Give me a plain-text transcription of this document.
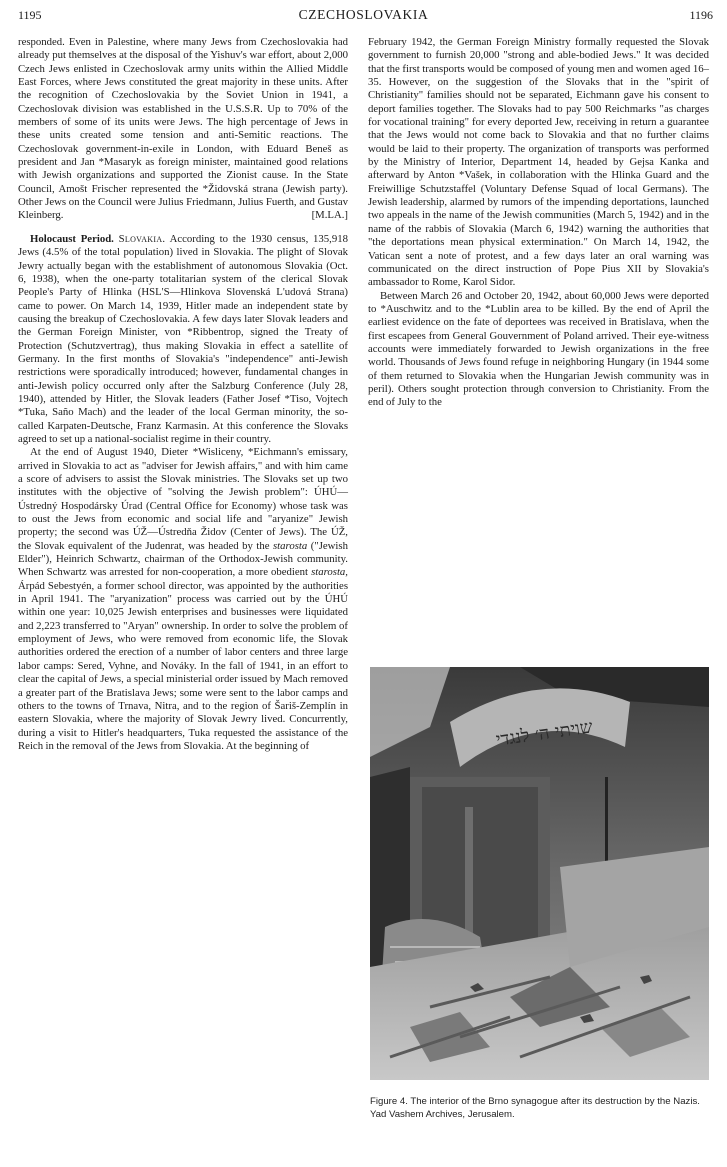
1195	CZECHOSLOVAKIA	1196

responded. Even in Palestine, where many Jews from Czechoslovakia had already put themselves at the disposal of the Yishuv's war effort, about 2,000 Czech Jews enlisted in Czechoslovak army units within the Allied Middle East Forces, where Jews constituted the great majority in these units. After the recognition of Czechoslovakia by the Soviet Union in 1941, a Czechoslovak division was established in the U.S.S.R. Up to 70% of the members of some of its units were Jews. The high percentage of Jews in these units created some tension and anti-Semitic reactions. The Czechoslovak government-in-exile in London, with Eduard Beneš as president and Jan *Masaryk as foreign minister, maintained good relations with Jewish organizations and supported the Zionist cause. In the State Council, Amošt Frischer represented the *Židovská strana (Jewish party). Other Jews on the Council were Julius Friedmann, Julius Fuerth, and Gustav Kleinberg.	[M.LA.]

Holocaust Period. Slovakia. According to the 1930 census, 135,918 Jews (4.5% of the total population) lived in Slovakia. The plight of Slovak Jewry actually began with the establishment of autonomous Slovakia (Oct. 6, 1938), when the one-party totalitarian system of the clerical Slovak People's Party of Hlinka (HSL'S—Hlinkova Slovenská L'udová Strana) came to power. On March 14, 1939, Hitler made an independent state by causing the breakup of Czechoslovakia. A few days later Slovak leaders and the German Foreign Minister, von *Ribbentrop, signed the Treaty of Protection (Schutzvertrag), thus making Slovakia in effect a satellite of Germany. In the first months of Slovakia's "independence" anti-Jewish restrictions were sporadically introduced; however, fundamental changes in anti-Jewish policy occurred only after the Salzburg Conference (July 28, 1940), attended by Hitler, the Slovak leaders (Father Josef *Tiso, Vojtech *Tuka, Saño Mach) and the leader of the local German minority, the so-called Karpaten-Deutsche, Franz Karmasin. At this conference the Slovaks agreed to set up a national-socialist regime in their country.

At the end of August 1940, Dieter *Wisliceny, *Eichmann's emissary, arrived in Slovakia to act as "adviser for Jewish affairs," and with him came a score of advisers to assist the Slovak ministries. The Slovaks set up two institutes with the objective of "solving the Jewish problem": ÚHÚ—Ústredný Hospodársky Úrad (Central Office for Economy) whose task was to oust the Jews from economic and social life and "aryanize" Jewish property; the second was ÚŽ—Ústredňa Židov (Center of Jews). The ÚŽ, the Slovak equivalent of the Judenrat, was headed by the starosta ("Jewish Elder"), Heinrich Schwartz, chairman of the Orthodox-Jewish community. When Schwartz was arrested for non-cooperation, a more obedient starosta, Árpád Sebestyén, a former school director, was appointed by the authorities in April 1941. The "aryanization" process was carried out by the ÚHÚ within one year: 10,025 Jewish enterprises and businesses were liquidated and 2,223 transferred to "Aryan" ownership. In order to solve the problem of employment of Jews, who were removed from economic life, the Slovak authorities ordered the erection of a number of labor centers and three large labor camps: Sered, Vyhne, and Nováky. In the fall of 1941, in an effort to clear the capital of Jews, a special ministerial order issued by Mach removed a greater part of the Bratislava Jews; some were sent to the labor camps and others to the towns of Trnava, Nitra, and to the region of Šariš-Zemplín in eastern Slovakia, where the majority of Slovak Jewry lived. Concurrently, during a visit to Hitler's headquarters, Tuka requested the assistance of the Reich in the removal of the Jews from Slovakia. At the beginning of

February 1942, the German Foreign Ministry formally requested the Slovak government to furnish 20,000 "strong and able-bodied Jews." It was decided that the first transports would be composed of young men and women aged 16–35. However, on the suggestion of the Slovaks that in the "spirit of Christianity" families should not be separated, Eichmann gave his consent to deport families together. The Slovaks had to pay 500 Reichmarks "as charges for vocational training" for every deported Jew, receiving in return a guarantee that the Jews would not come back to Slovakia and that no further claims would be laid to their property. The organization of transports was performed by the Ministry of Interior, Department 14, headed by Gejsa Kanka and afterward by Anton *Vašek, in collaboration with the Hlinka Guard and the Freiwillige Schutzstaffel (Voluntary Defense Squad of local Germans). The Jewish leadership, alarmed by rumors of the impending deportations, launched two appeals in the name of the Jewish communities (March 5, 1942) and in the name of the rabbis of Slovakia (March 6, 1942) warning the authorities that "the deportations mean physical extermination." On March 14, 1942, the Vatican sent a note of protest, and a few days later an oral warning was communicated on the direct instruction of Pope Pius XII by Slovakia's ambassador to Rome, Karol Sidor.

Between March 26 and October 20, 1942, about 60,000 Jews were deported to *Auschwitz and to the *Lublin area to be killed. By the end of April the earliest evidence on the fate of deportees was received in Bratislava, when the first escapees from General Gouvernment of Poland arrived. Their eye-witness accounts were immediately forwarded to Jewish organizations in the free world. Thousands of Jews found refuge in neighboring Hungary (in 1944 some of them returned to Slovakia when the Hungarian Jewish community was in peril). Others sought protection through conversion to Christianity. From the end of July to the

שויתי ה׳ לנגדי
Figure 4. The interior of the Brno synagogue after its destruction by the Nazis. Yad Vashem Archives, Jerusalem.
